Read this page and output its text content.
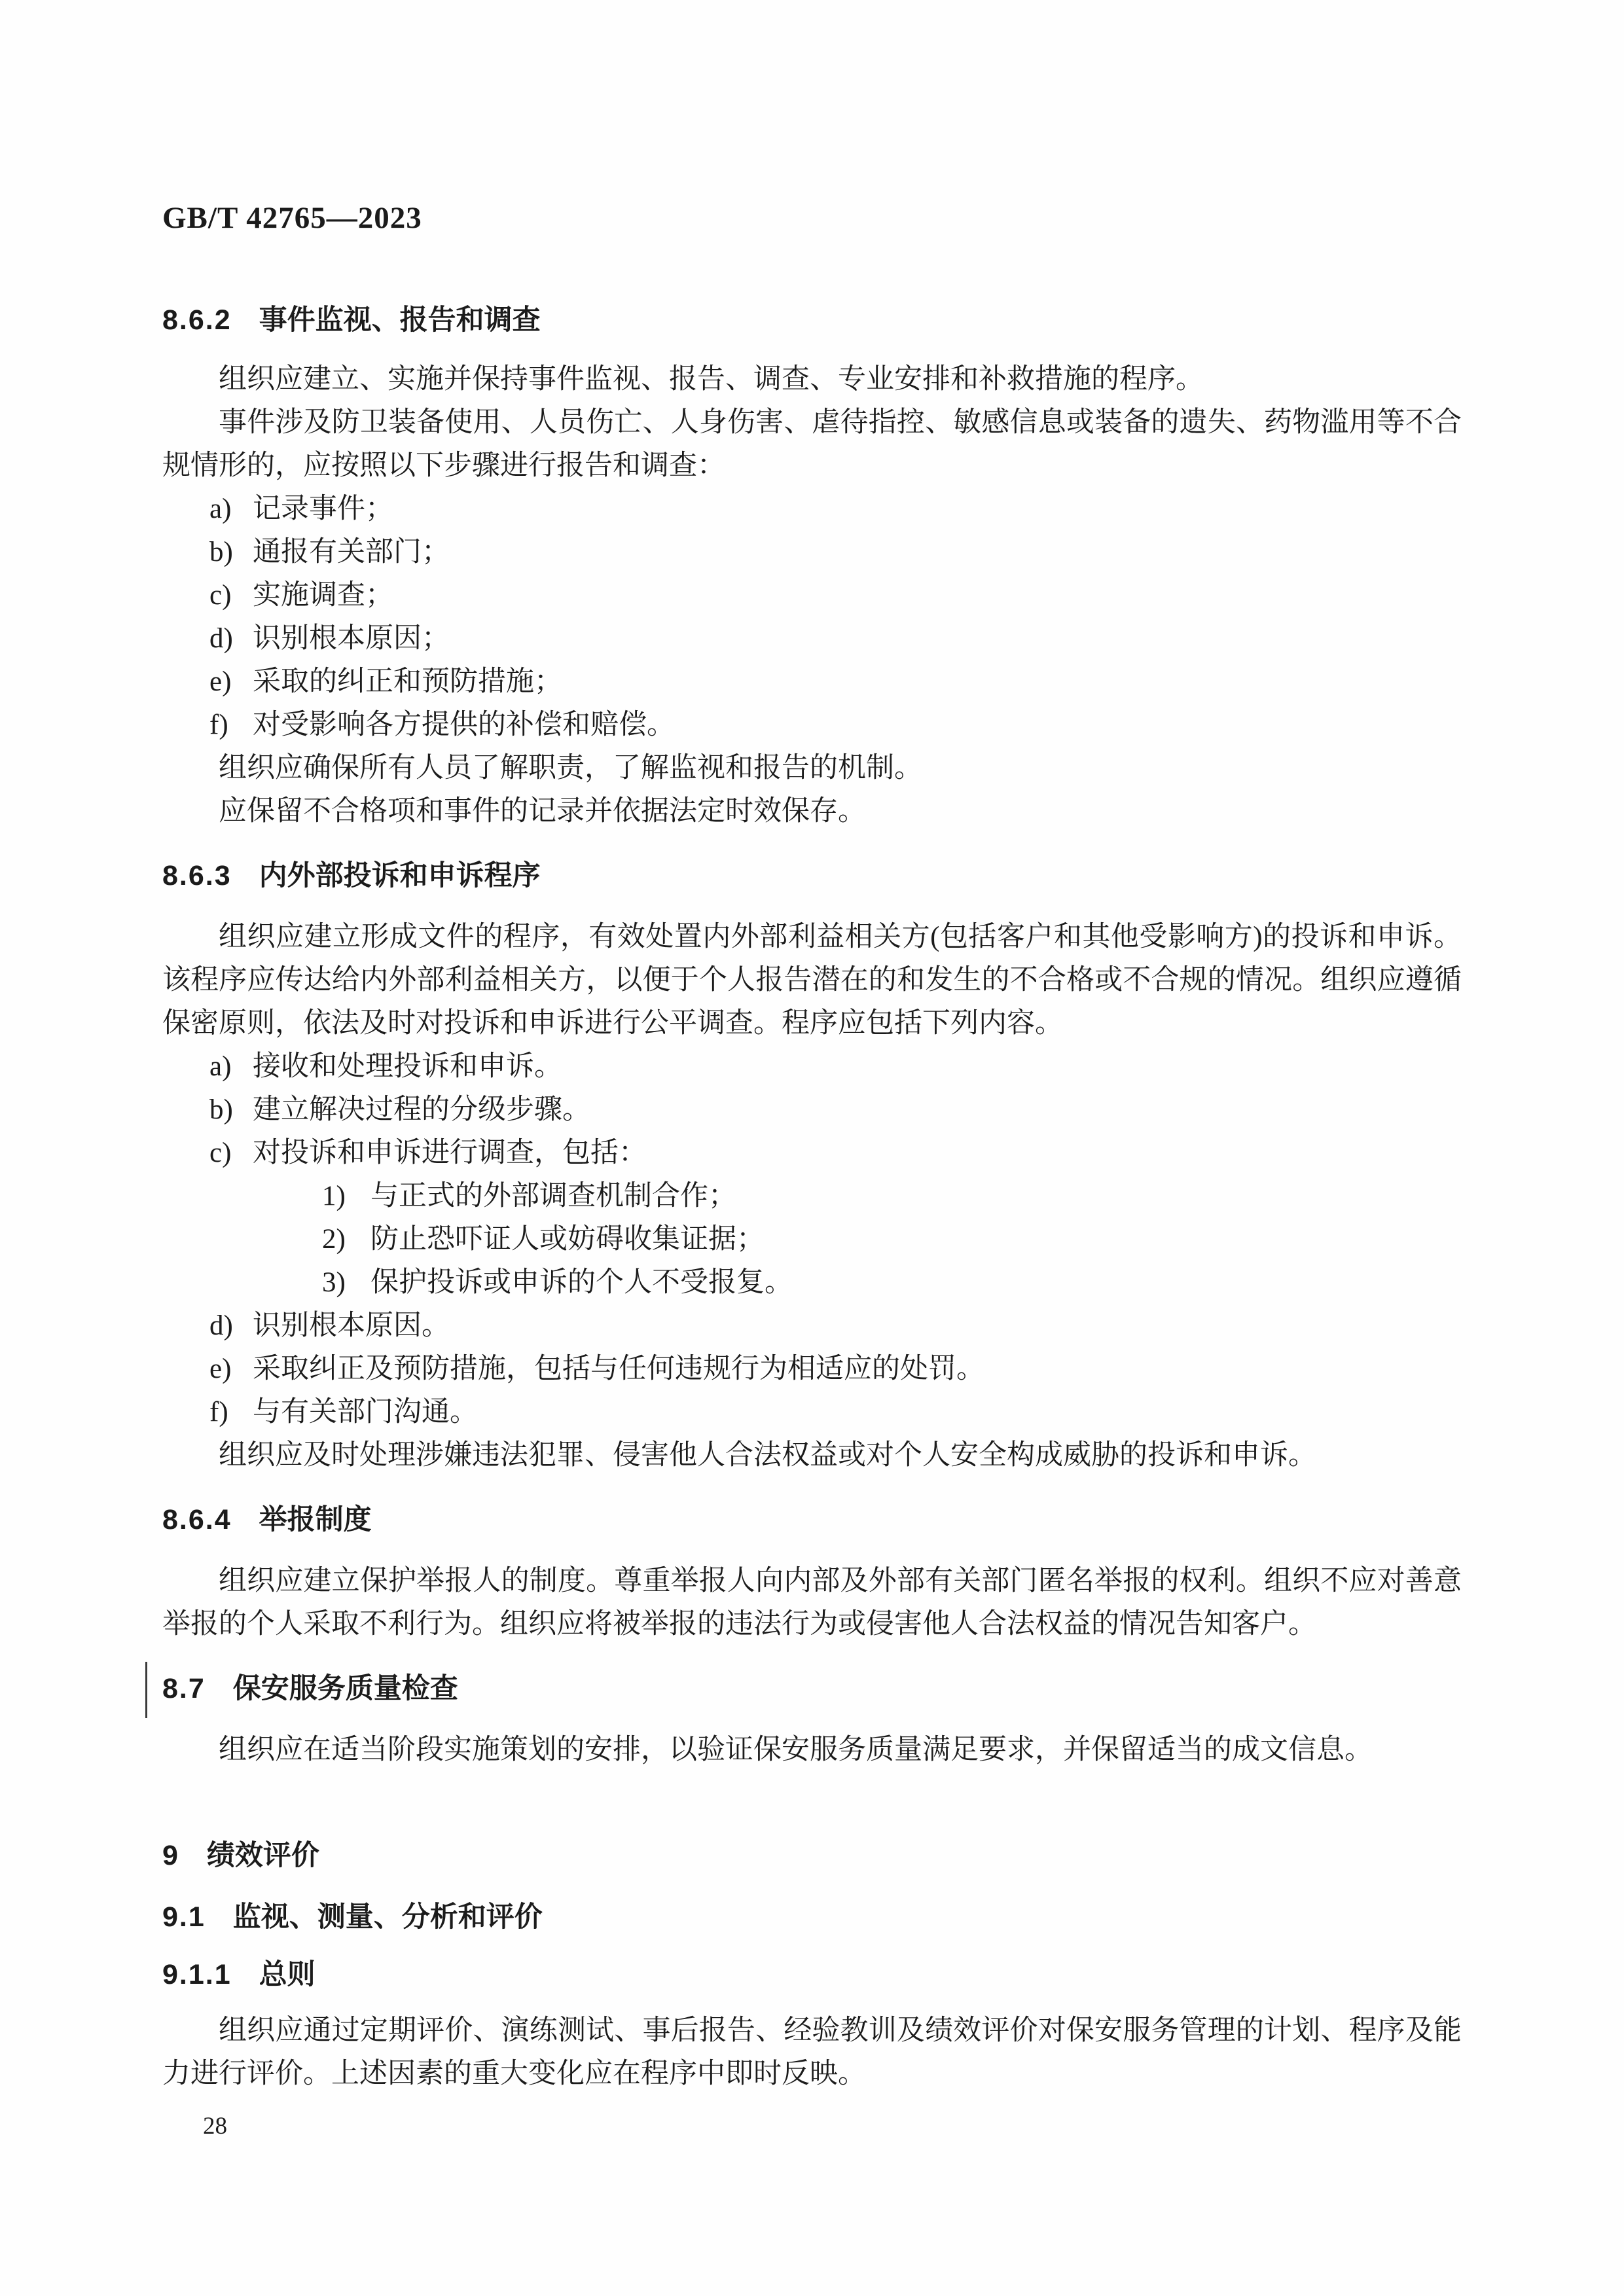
GB/T 42765—2023
8.6.2 事件监视、报告和调查

组织应建立、实施并保持事件监视、报告、调查、专业安排和补救措施的程序。

事件涉及防卫装备使用、人员伤亡、人身伤害、虐待指控、敏感信息或装备的遗失、药物滥用等不合规情形的，应按照以下步骤进行报告和调查：

a) 记录事件；
b) 通报有关部门；
c) 实施调查；
d) 识别根本原因；
e) 采取的纠正和预防措施；
f) 对受影响各方提供的补偿和赔偿。

组织应确保所有人员了解职责，了解监视和报告的机制。

应保留不合格项和事件的记录并依据法定时效保存。

8.6.3 内外部投诉和申诉程序

组织应建立形成文件的程序，有效处置内外部利益相关方(包括客户和其他受影响方)的投诉和申诉。该程序应传达给内外部利益相关方，以便于个人报告潜在的和发生的不合格或不合规的情况。组织应遵循保密原则，依法及时对投诉和申诉进行公平调查。程序应包括下列内容。

a) 接收和处理投诉和申诉。
b) 建立解决过程的分级步骤。
c) 对投诉和申诉进行调查，包括：
1) 与正式的外部调查机制合作；
2) 防止恐吓证人或妨碍收集证据；
3) 保护投诉或申诉的个人不受报复。
d) 识别根本原因。
e) 采取纠正及预防措施，包括与任何违规行为相适应的处罚。
f) 与有关部门沟通。

组织应及时处理涉嫌违法犯罪、侵害他人合法权益或对个人安全构成威胁的投诉和申诉。

8.6.4 举报制度

组织应建立保护举报人的制度。尊重举报人向内部及外部有关部门匿名举报的权利。组织不应对善意举报的个人采取不利行为。组织应将被举报的违法行为或侵害他人合法权益的情况告知客户。

8.7 保安服务质量检查

组织应在适当阶段实施策划的安排，以验证保安服务质量满足要求，并保留适当的成文信息。

9 绩效评价
9.1 监视、测量、分析和评价
9.1.1 总则

组织应通过定期评价、演练测试、事后报告、经验教训及绩效评价对保安服务管理的计划、程序及能力进行评价。上述因素的重大变化应在程序中即时反映。

28
